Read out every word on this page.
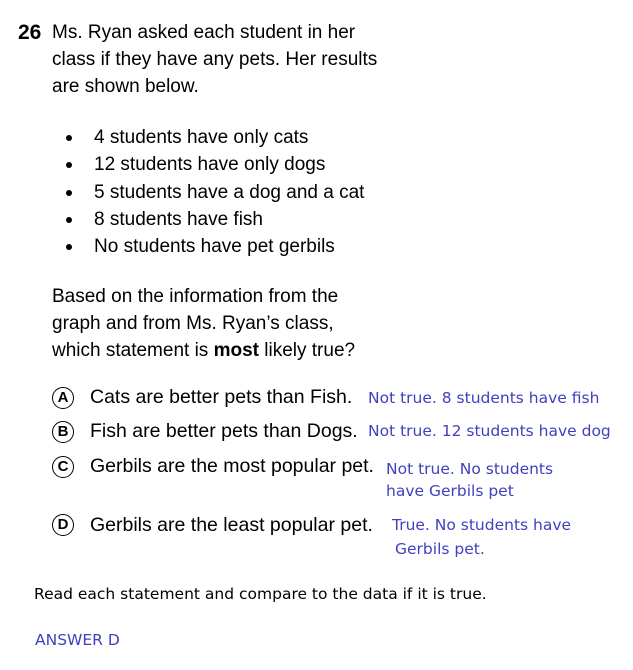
26 Ms. Ryan asked each student in her
class if they have any pets. Her results
are shown below.
4 students have only cats
12 students have only dogs
5 students have a dog and a cat
8 students have fish
No students have pet gerbils
Based on the information from the
graph and from Ms. Ryan’s class,
which statement is most likely true?
A Cats are better pets than Fish. Not true. 8 students have fish
B Fish are better pets than Dogs. Not true. 12 students have dog
C Gerbils are the most popular pet. Not true. No students
have Gerbils pet
D Gerbils are the least popular pet. True. No students have
Gerbils pet.
Read each statement and compare to the data if it is true.
ANSWER D
